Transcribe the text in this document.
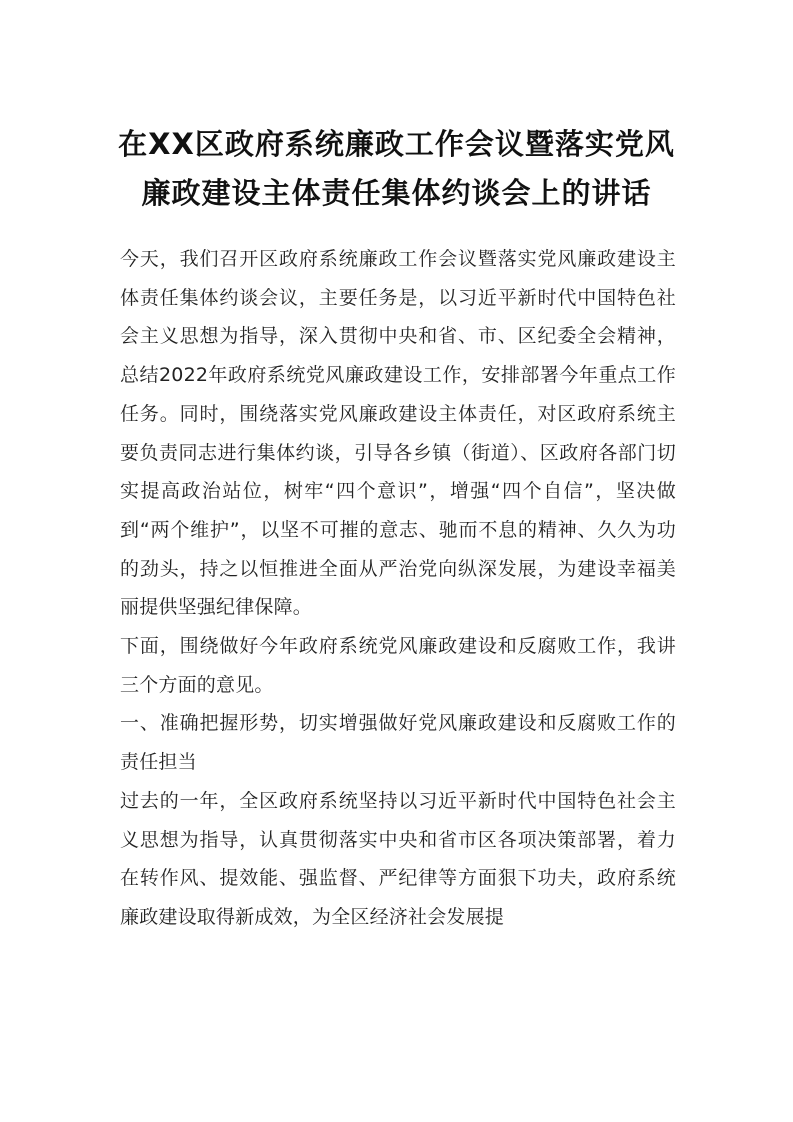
在XX区政府系统廉政工作会议暨落实党风
廉政建设主体责任集体约谈会上的讲话

今天，我们召开区政府系统廉政工作会议暨落实党风廉政建设主体责任集体约谈会议，主要任务是，以习近平新时代中国特色社会主义思想为指导，深入贯彻中央和省、市、区纪委全会精神，总结2022年政府系统党风廉政建设工作，安排部署今年重点工作任务。同时，围绕落实党风廉政建设主体责任，对区政府系统主要负责同志进行集体约谈，引导各乡镇（街道）、区政府各部门切实提高政治站位，树牢“四个意识”，增强“四个自信”，坚决做到“两个维护”，以坚不可摧的意志、驰而不息的精神、久久为功的劲头，持之以恒推进全面从严治党向纵深发展，为建设幸福美丽提供坚强纪律保障。

下面，围绕做好今年政府系统党风廉政建设和反腐败工作，我讲三个方面的意见。

一、准确把握形势，切实增强做好党风廉政建设和反腐败工作的责任担当

过去的一年，全区政府系统坚持以习近平新时代中国特色社会主义思想为指导，认真贯彻落实中央和省市区各项决策部署，着力在转作风、提效能、强监督、严纪律等方面狠下功夫，政府系统廉政建设取得新成效，为全区经济社会发展提
